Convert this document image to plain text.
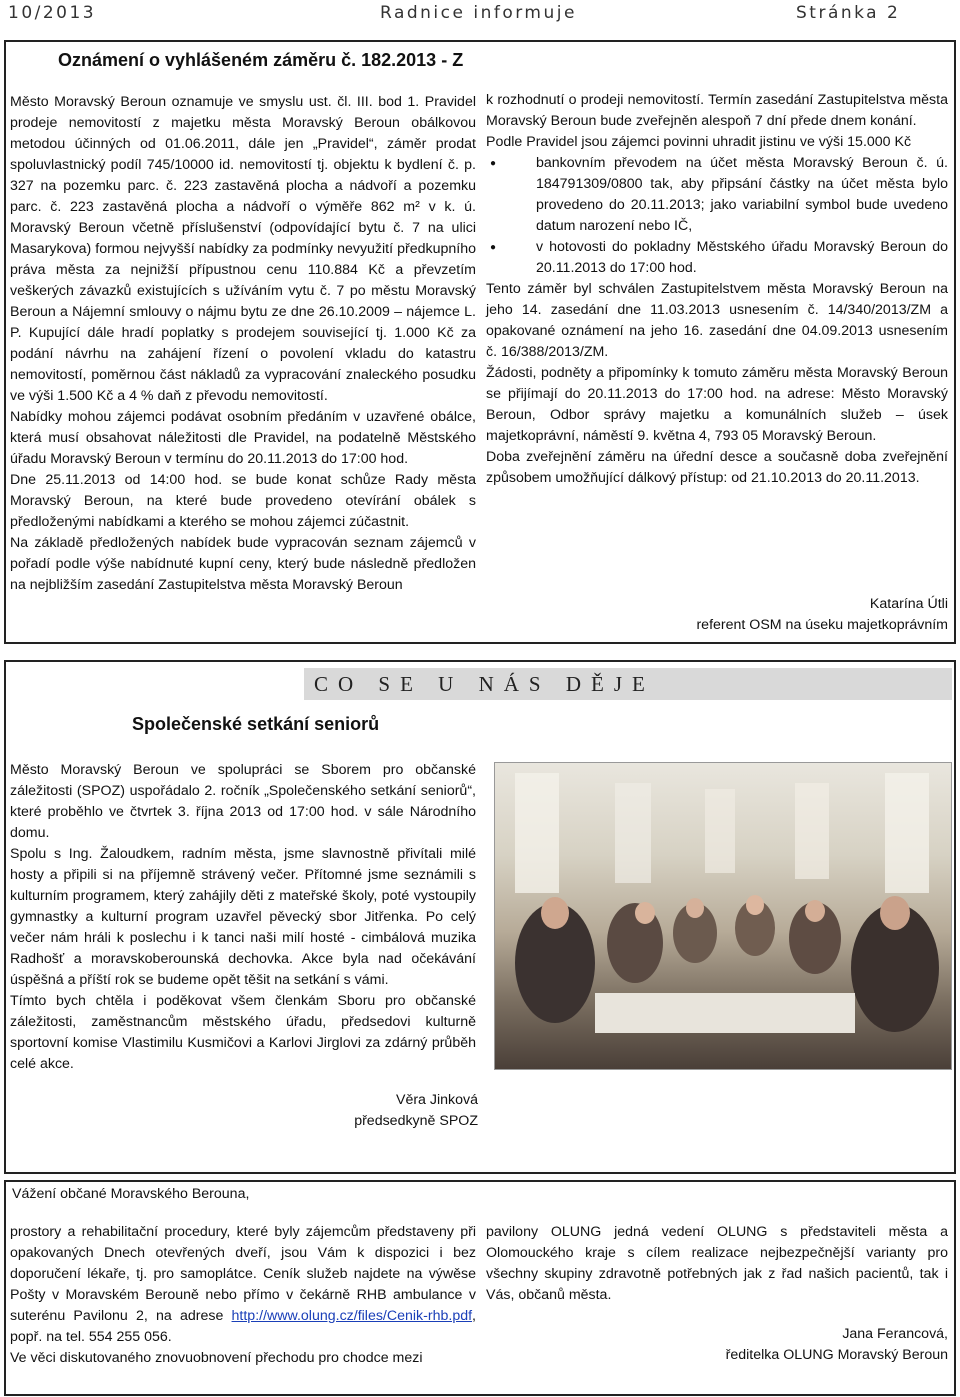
10/2013	Radnice informuje	Stránka 2
Oznámení o vyhlášeném záměru č. 182.2013 - Z

Město Moravský Beroun oznamuje ve smyslu ust. čl. III. bod 1. Pravidel prodeje nemovitostí z majetku města Moravský Beroun obálkovou metodou účinných od 01.06.2011, dále jen „Pravidel“, záměr prodat spoluvlastnický podíl 745/10000 id. nemovitostí tj. objektu k bydlení č. p. 327 na pozemku parc. č. 223 zastavěná plocha a nádvoří a pozemku parc. č. 223 zastavěná plocha a nádvoří o výměře 862 m² v k. ú. Moravský Beroun včetně příslušenství (odpovídající bytu č. 7 na ulici Masarykova) formou nejvyšší nabídky za podmínky nevyužití předkupního práva města za nejnižší přípustnou cenu 110.884 Kč a převzetím veškerých závazků existujících s užíváním vytu č. 7 po městu Moravský Beroun a Nájemní smlouvy o nájmu bytu ze dne 26.10.2009 – nájemce L. P. Kupující dále hradí poplatky s prodejem související tj. 1.000 Kč za podání návrhu na zahájení řízení o povolení vkladu do katastru nemovitostí, poměrnou část nákladů za vypracování znaleckého posudku ve výši 1.500 Kč a 4 % daň z převodu nemovitostí.

Nabídky mohou zájemci podávat osobním předáním v uzavřené obálce, která musí obsahovat náležitosti dle Pravidel, na podatelně Městského úřadu Moravský Beroun v termínu do 20.11.2013 do 17:00 hod.

Dne 25.11.2013 od 14:00 hod. se bude konat schůze Rady města Moravský Beroun, na které bude provedeno otevírání obálek s předloženými nabídkami a kterého se mohou zájemci zúčastnit.

Na základě předložených nabídek bude vypracován seznam zájemců v pořadí podle výše nabídnuté kupní ceny, který bude následně předložen na nejbližším zasedání Zastupitelstva města Moravský Beroun

k rozhodnutí o prodeji nemovitostí. Termín zasedání Zastupitelstva města Moravský Beroun bude zveřejněn alespoň 7 dní přede dnem konání.

Podle Pravidel jsou zájemci povinni uhradit jistinu ve výši 15.000 Kč

● bankovním převodem na účet města Moravský Beroun č. ú. 184791309/0800 tak, aby připsání částky na účet města bylo provedeno do 20.11.2013; jako variabilní symbol bude uvedeno datum narození nebo IČ,
● v hotovosti do pokladny Městského úřadu Moravský Beroun do 20.11.2013 do 17:00 hod.

Tento záměr byl schválen Zastupitelstvem města Moravský Beroun na jeho 14. zasedání dne 11.03.2013 usnesením č. 14/340/2013/ZM a opakované oznámení na jeho 16. zasedání dne 04.09.2013 usnesením č. 16/388/2013/ZM.

Žádosti, podněty a připomínky k tomuto záměru města Moravský Beroun se přijímají do 20.11.2013 do 17:00 hod. na adrese: Město Moravský Beroun, Odbor správy majetku a komunálních služeb – úsek majetkoprávní, náměstí 9. května 4, 793 05 Moravský Beroun.

Doba zveřejnění záměru na úřední desce a současně doba zveřejnění způsobem umožňující dálkový přístup: od 21.10.2013 do 20.11.2013.

Katarína Útli
referent OSM na úseku majetkoprávním
CO SE U NÁS DĚJE
Společenské setkání seniorů

Město Moravský Beroun ve spolupráci se Sborem pro občanské záležitosti (SPOZ) uspořádalo 2. ročník „Společenského setkání seniorů“, které proběhlo ve čtvrtek 3. října 2013 od 17:00 hod. v sále Národního domu.

Spolu s Ing. Žaloudkem, radním města, jsme slavnostně přivítali milé hosty a připili si na příjemně strávený večer. Přítomné jsme seznámili s kulturním programem, který zahájily děti z mateřské školy, poté vystoupily gymnastky a kulturní program uzavřel pěvecký sbor Jitřenka. Po celý večer nám hráli k poslechu i k tanci naši milí hosté - cimbálová muzika Radhošť a moravskoberounská dechovka. Akce byla nad očekávání úspěšná a příští rok se budeme opět těšit na setkání s vámi.

Tímto bych chtěla i poděkovat všem členkám Sboru pro občanské záležitosti, zaměstnancům městského úřadu, předsedovi kulturně sportovní komise Vlastimilu Kusmičovi a Karlovi Jirglovi za zdárný průběh celé akce.

Věra Jinková
předsedkyně SPOZ
Vážení občané Moravského Berouna,
prostory a rehabilitační procedury, které byly zájemcům představeny při opakovaných Dnech otevřených dveří, jsou Vám k dispozici i bez doporučení lékaře, tj. pro samoplátce. Ceník služeb najdete na výwěse Pošty v Moravském Berouně nebo přímo v čekárně RHB ambulance v suterénu Pavilonu 2, na adrese http://www.olung.cz/files/Cenik-rhb.pdf, popř. na tel. 554 255 056.

Ve věci diskutovaného znovuobnovení přechodu pro chodce mezi

pavilony OLUNG jedná vedení OLUNG s představiteli města a Olomouckého kraje s cílem realizace nejbezpečnější varianty pro všechny skupiny zdravotně potřebných jak z řad našich pacientů, tak i Vás, občanů města.

Jana Ferancová,
ředitelka OLUNG Moravský Beroun
